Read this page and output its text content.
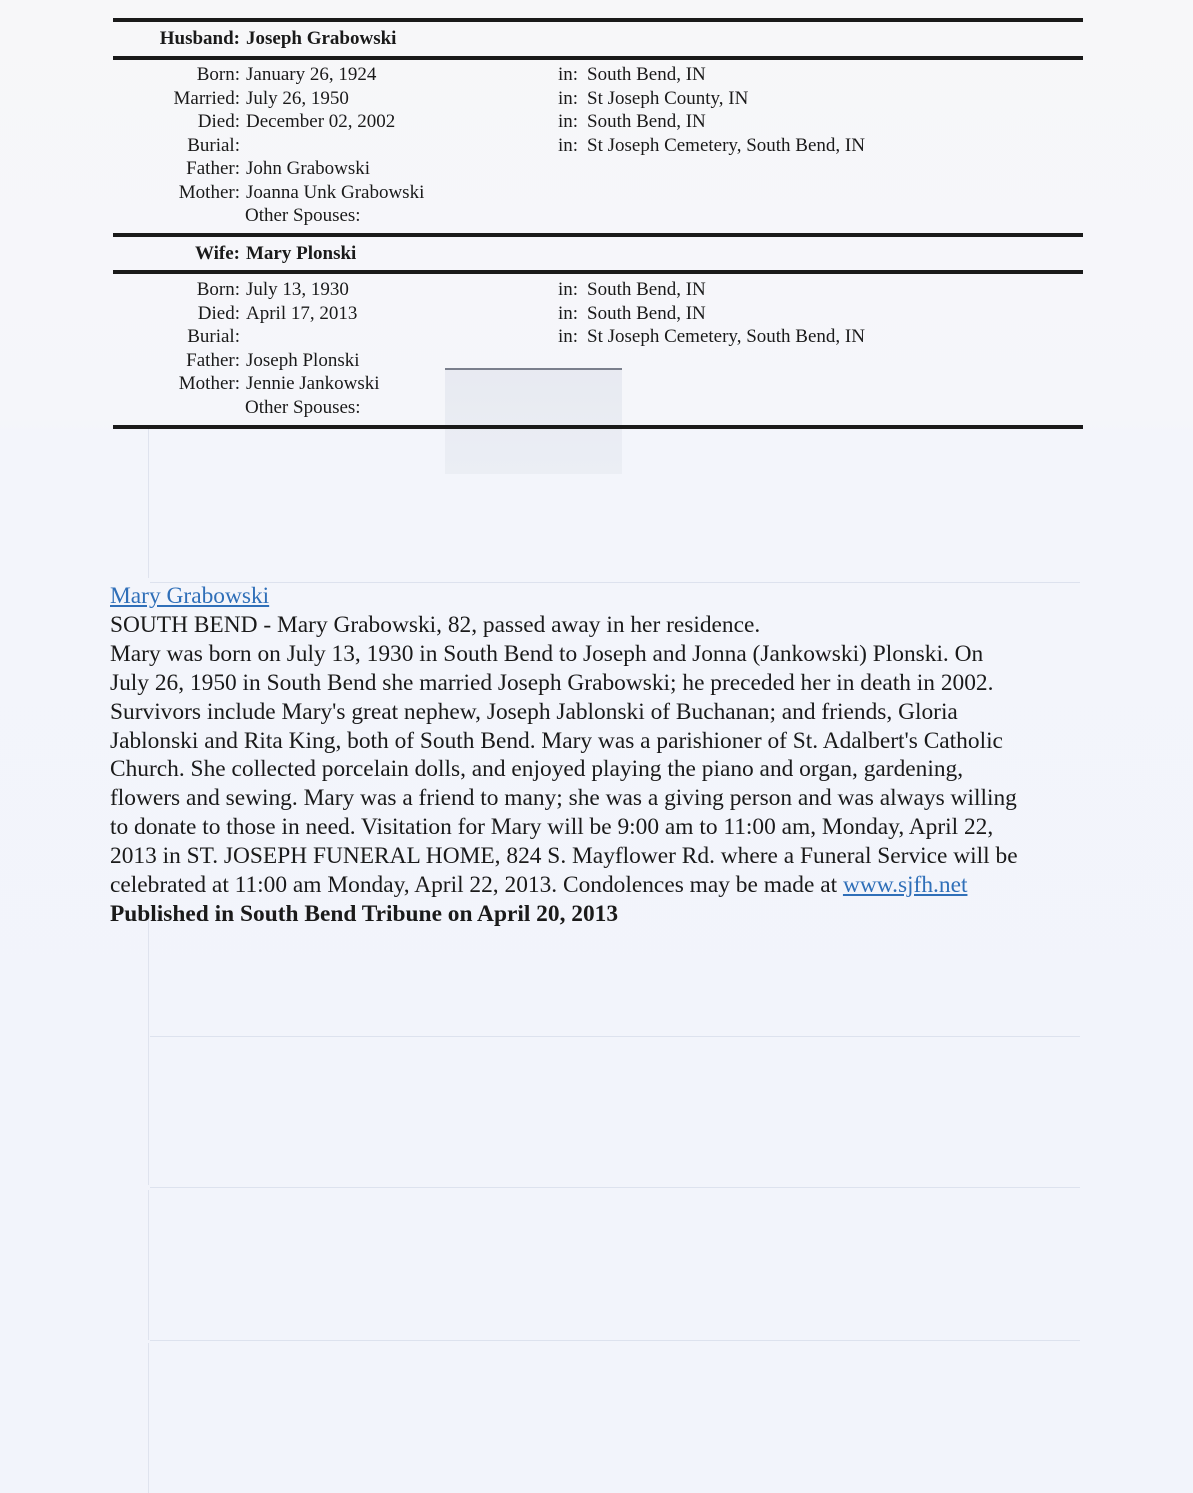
Husband: Joseph Grabowski
Born: January 26, 1924	in: South Bend, IN
Married: July 26, 1950	in: St Joseph County, IN
Died: December 02, 2002	in: South Bend, IN
Burial:	in: St Joseph Cemetery, South Bend, IN
Father: John Grabowski
Mother: Joanna Unk Grabowski
Other Spouses:
Wife: Mary Plonski
Born: July 13, 1930	in: South Bend, IN
Died: April 17, 2013	in: South Bend, IN
Burial:	in: St Joseph Cemetery, South Bend, IN
Father: Joseph Plonski
Mother: Jennie Jankowski
Other Spouses:

Mary Grabowski

SOUTH BEND - Mary Grabowski, 82, passed away in her residence.

Mary was born on July 13, 1930 in South Bend to Joseph and Jonna (Jankowski) Plonski. On

July 26, 1950 in South Bend she married Joseph Grabowski; he preceded her in death in 2002.

Survivors include Mary's great nephew, Joseph Jablonski of Buchanan; and friends, Gloria

Jablonski and Rita King, both of South Bend. Mary was a parishioner of St. Adalbert's Catholic

Church. She collected porcelain dolls, and enjoyed playing the piano and organ, gardening,

flowers and sewing. Mary was a friend to many; she was a giving person and was always willing

to donate to those in need. Visitation for Mary will be 9:00 am to 11:00 am, Monday, April 22,

2013 in ST. JOSEPH FUNERAL HOME, 824 S. Mayflower Rd. where a Funeral Service will be

celebrated at 11:00 am Monday, April 22, 2013. Condolences may be made at www.sjfh.net

Published in South Bend Tribune on April 20, 2013
